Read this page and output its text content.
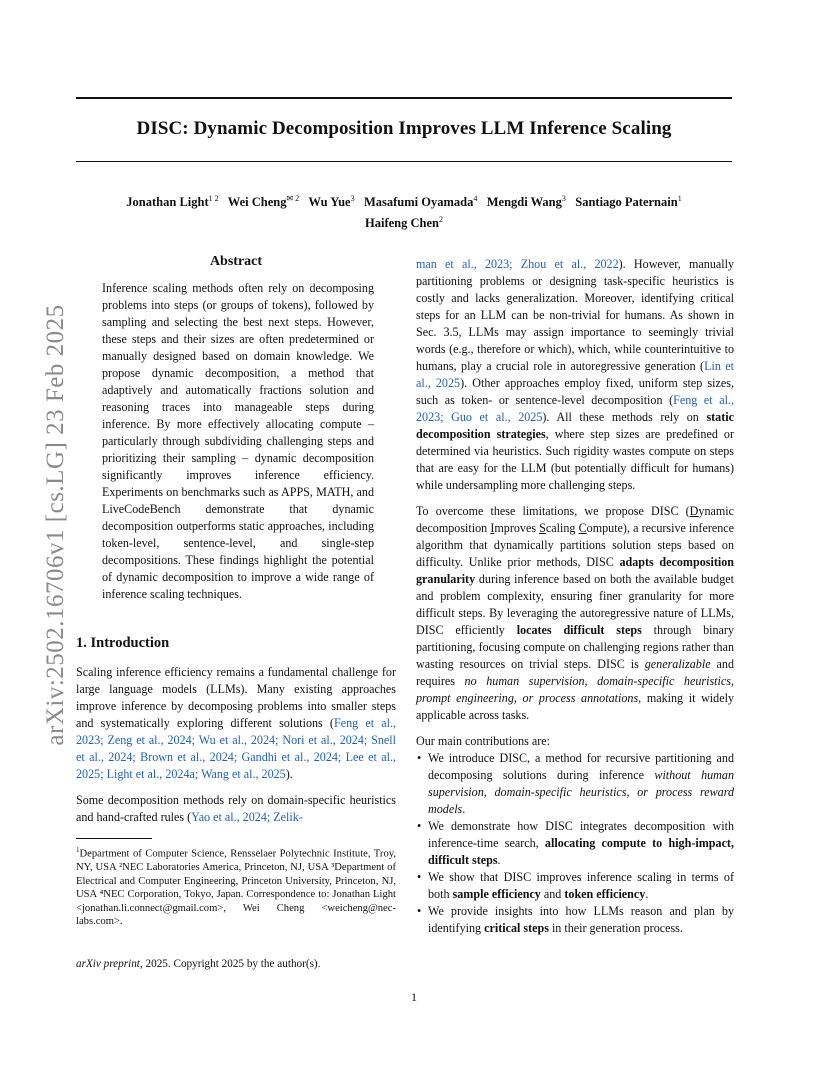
DISC: Dynamic Decomposition Improves LLM Inference Scaling
arXiv:2502.16706v1 [cs.LG] 23 Feb 2025
Jonathan Light$^{1 2}$ Wei Cheng$^{✉ 2}$ Wu Yue$^3$ Masafumi Oyamada$^4$ Mengdi Wang$^3$ Santiago Paternain$^1$
Haifeng Chen$^2$
Abstract

Inference scaling methods often rely on decomposing problems into steps (or groups of tokens), followed by sampling and selecting the best next steps. However, these steps and their sizes are often predetermined or manually designed based on domain knowledge. We propose dynamic decomposition, a method that adaptively and automatically fractions solution and reasoning traces into manageable steps during inference. By more effectively allocating compute – particularly through subdividing challenging steps and prioritizing their sampling – dynamic decomposition significantly improves inference efficiency. Experiments on benchmarks such as APPS, MATH, and LiveCodeBench demonstrate that dynamic decomposition outperforms static approaches, including token-level, sentence-level, and single-step decompositions. These findings highlight the potential of dynamic decomposition to improve a wide range of inference scaling techniques.

1. Introduction

Scaling inference efficiency remains a fundamental challenge for large language models (LLMs). Many existing approaches improve inference by decomposing problems into smaller steps and systematically exploring different solutions (Feng et al., 2023; Zeng et al., 2024; Wu et al., 2024; Nori et al., 2024; Snell et al., 2024; Brown et al., 2024; Gandhi et al., 2024; Lee et al., 2025; Light et al., 2024a; Wang et al., 2025).

Some decomposition methods rely on domain-specific heuristics and hand-crafted rules (Yao et al., 2024; Zelik-

$^1$Department of Computer Science, Rensselaer Polytechnic Institute, Troy, NY, USA ²NEC Laboratories America, Princeton, NJ, USA ³Department of Electrical and Computer Engineering, Princeton University, Princeton, NJ, USA ⁴NEC Corporation, Tokyo, Japan. Correspondence to: Jonathan Light <jonathan.li.connect@gmail.com>, Wei Cheng <weicheng@nec-labs.com>.

man et al., 2023; Zhou et al., 2022). However, manually partitioning problems or designing task-specific heuristics is costly and lacks generalization. Moreover, identifying critical steps for an LLM can be non-trivial for humans. As shown in Sec. 3.5, LLMs may assign importance to seemingly trivial words (e.g., therefore or which), which, while counterintuitive to humans, play a crucial role in autoregressive generation (Lin et al., 2025). Other approaches employ fixed, uniform step sizes, such as token- or sentence-level decomposition (Feng et al., 2023; Guo et al., 2025). All these methods rely on static decomposition strategies, where step sizes are predefined or determined via heuristics. Such rigidity wastes compute on steps that are easy for the LLM (but potentially difficult for humans) while undersampling more challenging steps.

To overcome these limitations, we propose DISC (Dynamic decomposition Improves Scaling Compute), a recursive inference algorithm that dynamically partitions solution steps based on difficulty. Unlike prior methods, DISC adapts decomposition granularity during inference based on both the available budget and problem complexity, ensuring finer granularity for more difficult steps. By leveraging the autoregressive nature of LLMs, DISC efficiently locates difficult steps through binary partitioning, focusing compute on challenging regions rather than wasting resources on trivial steps. DISC is generalizable and requires no human supervision, domain-specific heuristics, prompt engineering, or process annotations, making it widely applicable across tasks.

Our main contributions are:

• We introduce DISC, a method for recursive partitioning and decomposing solutions during inference without human supervision, domain-specific heuristics, or process reward models.
• We demonstrate how DISC integrates decomposition with inference-time search, allocating compute to high-impact, difficult steps.
• We show that DISC improves inference scaling in terms of both sample efficiency and token efficiency.
• We provide insights into how LLMs reason and plan by identifying critical steps in their generation process.
arXiv preprint, 2025. Copyright 2025 by the author(s).
1
